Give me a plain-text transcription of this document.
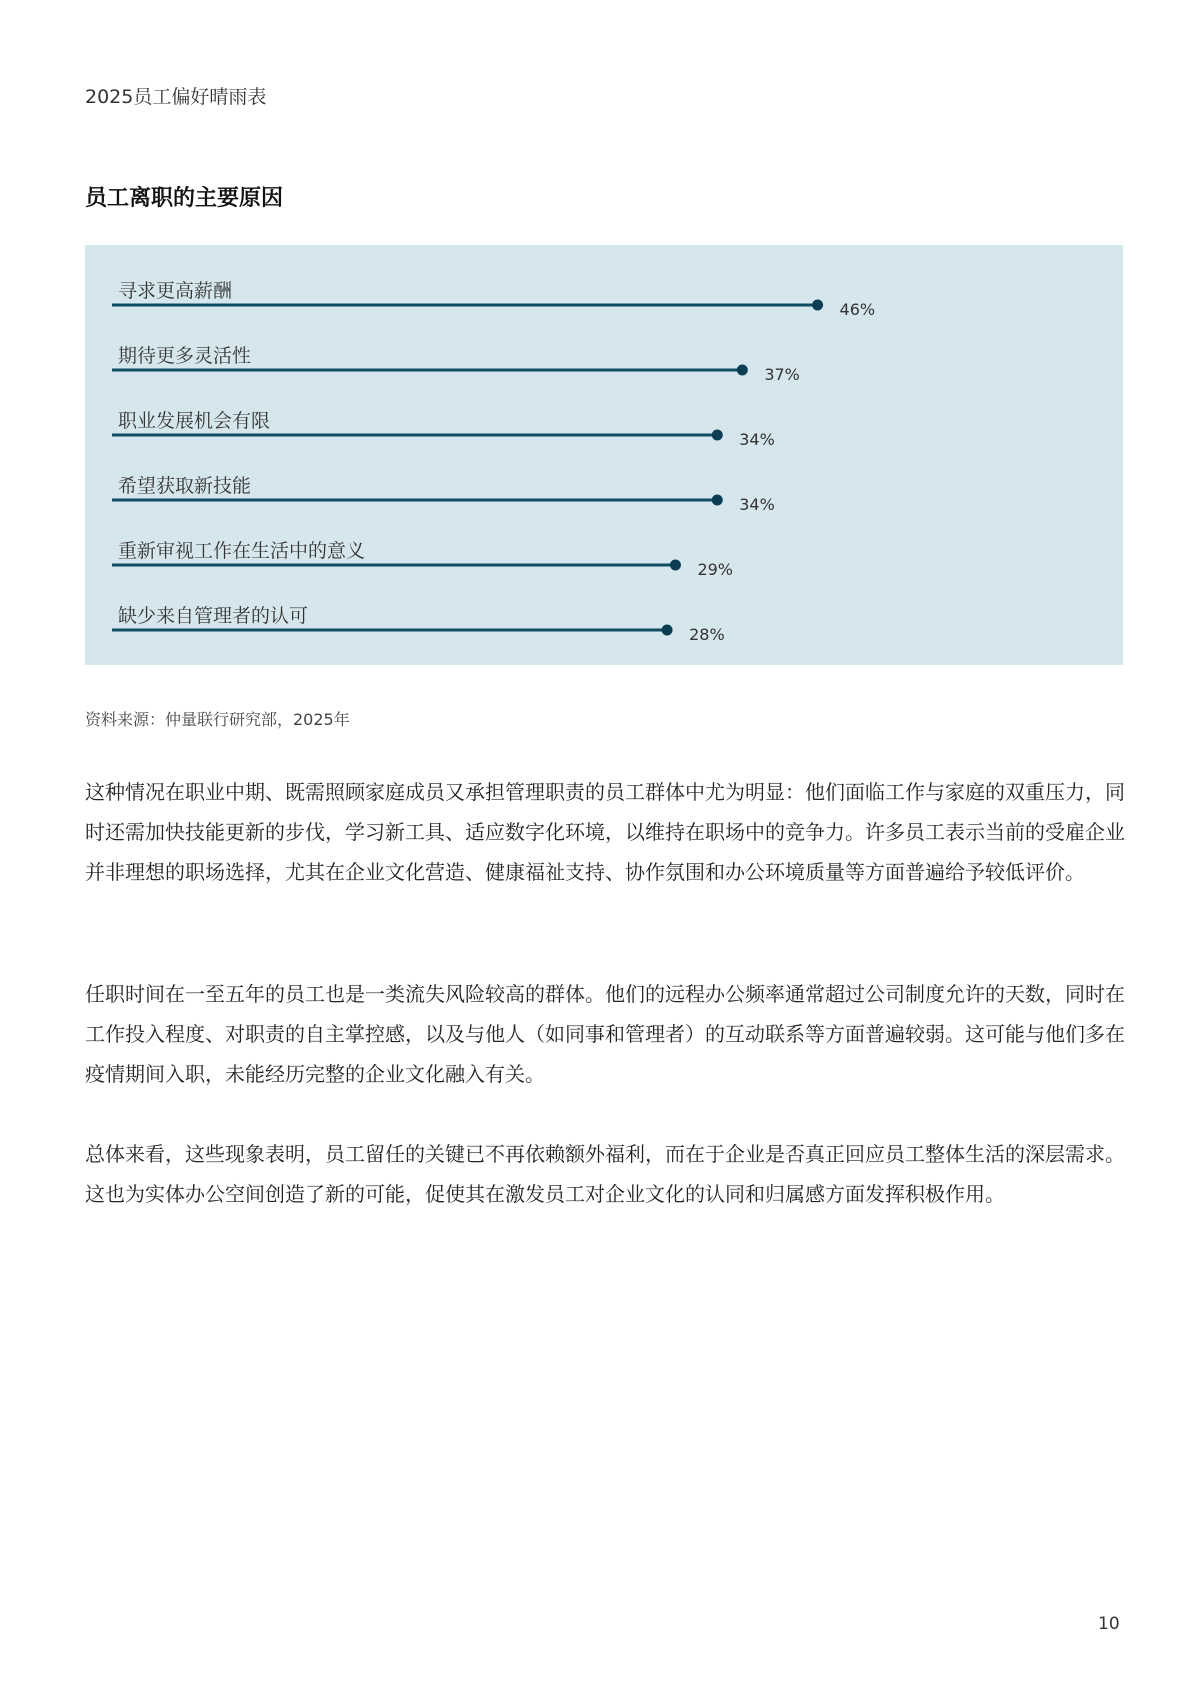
2025员工偏好晴雨表
员工离职的主要原因
寻求更高薪酬
46%
期待更多灵活性
37%
职业发展机会有限
34%
希望获取新技能
34%
重新审视工作在生活中的意义
29%
缺少来自管理者的认可
28%
资料来源：仲量联行研究部，2025年
这种情况在职业中期、既需照顾家庭成员又承担管理职责的员工群体中尤为明显：他们面临工作与家庭的双重压力，同时还需加快技能更新的步伐，学习新工具、适应数字化环境，以维持在职场中的竞争力。许多员工表示当前的受雇企业并非理想的职场选择，尤其在企业文化营造、健康福祉支持、协作氛围和办公环境质量等方面普遍给予较低评价。
任职时间在一至五年的员工也是一类流失风险较高的群体。他们的远程办公频率通常超过公司制度允许的天数，同时在工作投入程度、对职责的自主掌控感，以及与他人（如同事和管理者）的互动联系等方面普遍较弱。这可能与他们多在疫情期间入职，未能经历完整的企业文化融入有关。
总体来看，这些现象表明，员工留任的关键已不再依赖额外福利，而在于企业是否真正回应员工整体生活的深层需求。这也为实体办公空间创造了新的可能，促使其在激发员工对企业文化的认同和归属感方面发挥积极作用。
10
